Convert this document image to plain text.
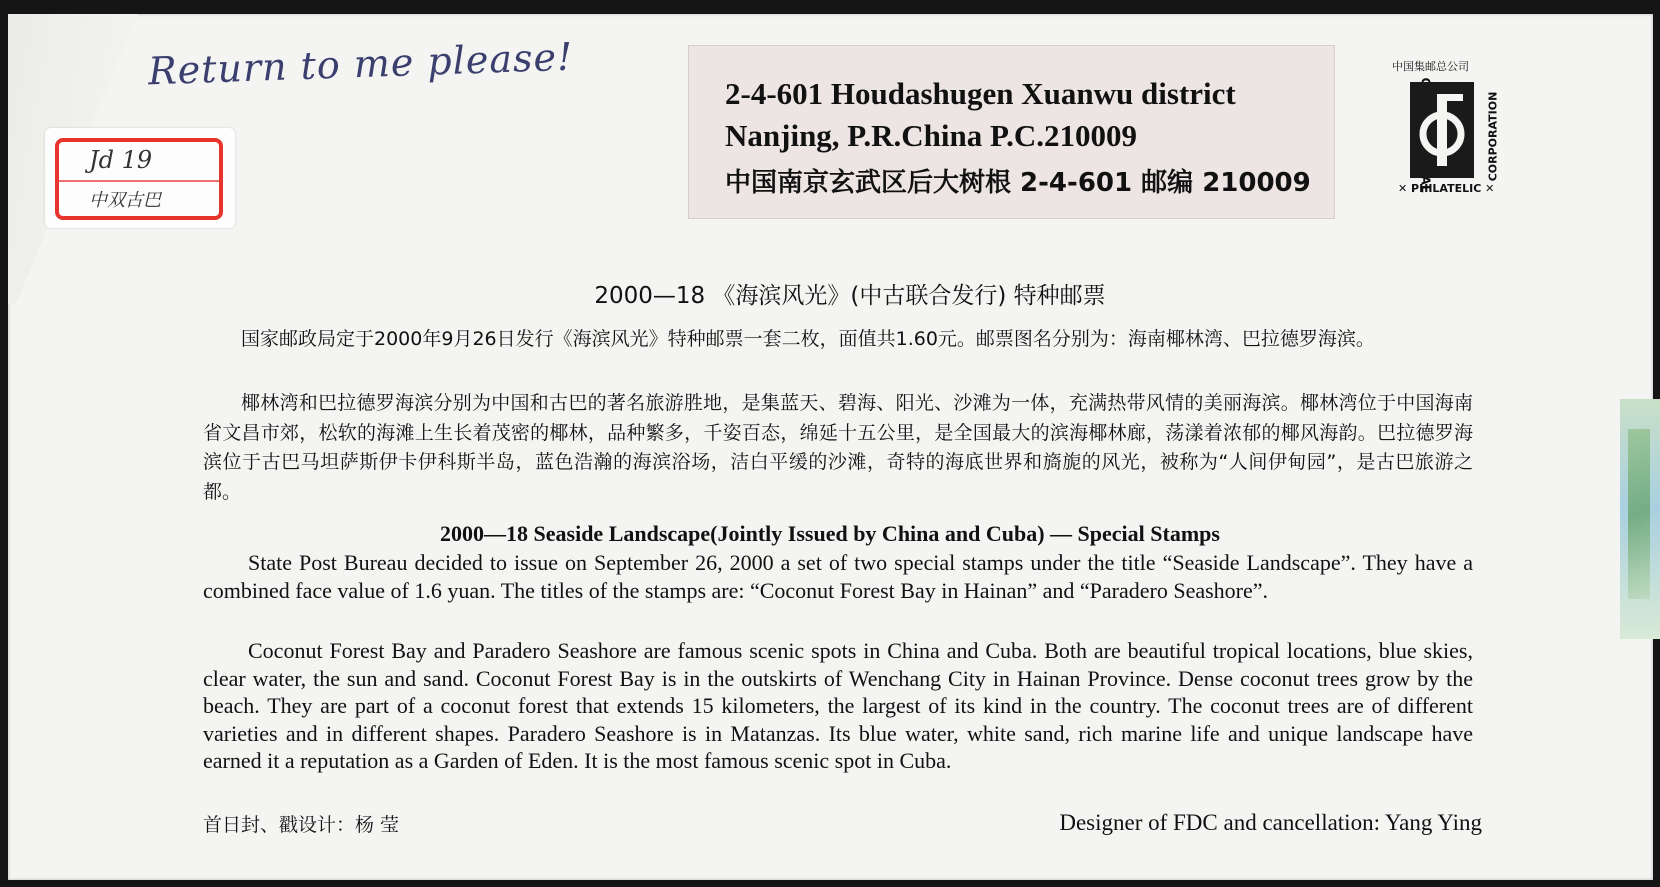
Return to me please!
Jd 19
中双古巴
2-4-601 Houdashugen Xuanwu district
Nanjing, P.R.China P.C.210009
中国南京玄武区后大树根 2-4-601 邮编 210009
中国集邮总公司
CORPORATION
✕ PHILATELIC ✕
2000—18 《海滨风光》(中古联合发行) 特种邮票

国家邮政局定于2000年9月26日发行《海滨风光》特种邮票一套二枚，面值共1.60元。邮票图名分别为：海南椰林湾、巴拉德罗海滨。

椰林湾和巴拉德罗海滨分别为中国和古巴的著名旅游胜地，是集蓝天、碧海、阳光、沙滩为一体，充满热带风情的美丽海滨。椰林湾位于中国海南省文昌市郊，松软的海滩上生长着茂密的椰林，品种繁多，千姿百态，绵延十五公里，是全国最大的滨海椰林廊，荡漾着浓郁的椰风海韵。巴拉德罗海滨位于古巴马坦萨斯伊卡伊科斯半岛，蓝色浩瀚的海滨浴场，洁白平缓的沙滩，奇特的海底世界和旖旎的风光，被称为“人间伊甸园”，是古巴旅游之都。

2000—18 Seaside Landscape(Jointly Issued by China and Cuba) — Special Stamps

State Post Bureau decided to issue on September 26, 2000 a set of two special stamps under the title “Seaside Landscape”. They have a combined face value of 1.6 yuan. The titles of the stamps are: “Coconut Forest Bay in Hainan” and “Paradero Seashore”.

Coconut Forest Bay and Paradero Seashore are famous scenic spots in China and Cuba. Both are beautiful tropical locations, blue skies, clear water, the sun and sand. Coconut Forest Bay is in the outskirts of Wenchang City in Hainan Province. Dense coconut trees grow by the beach. They are part of a coconut forest that extends 15 kilometers, the largest of its kind in the country. The coconut trees are of different varieties and in different shapes. Paradero Seashore is in Matanzas. Its blue water, white sand, rich marine life and unique landscape have earned it a reputation as a Garden of Eden. It is the most famous scenic spot in Cuba.

首日封、戳设计：杨 莹	Designer of FDC and cancellation: Yang Ying
